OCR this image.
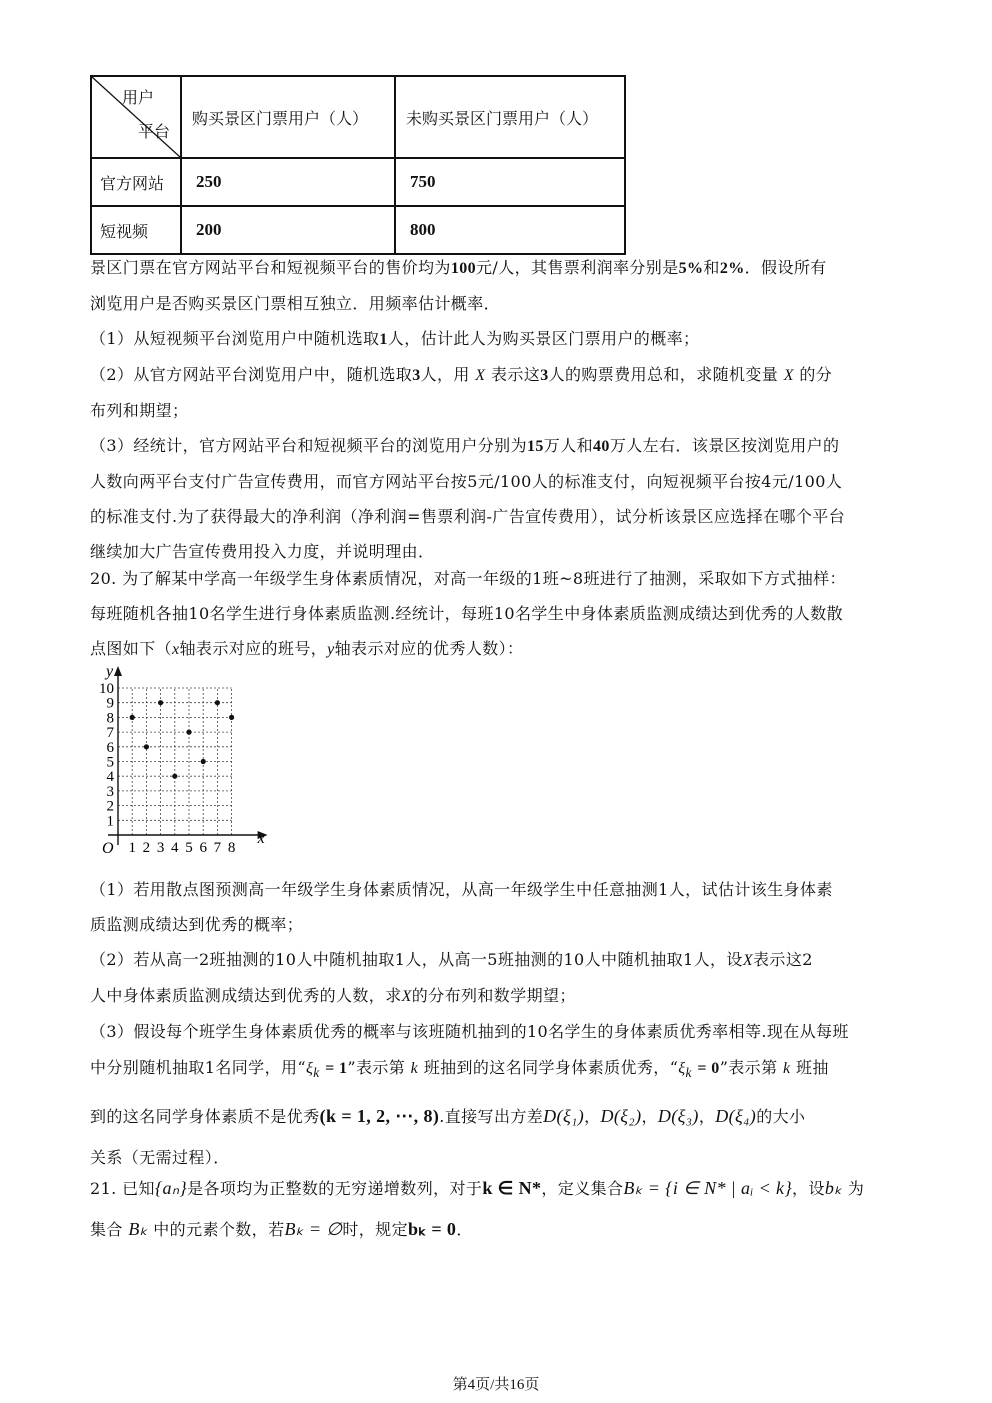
用户
平台	购买景区门票用户（人）	未购买景区门票用户（人）

官方网站	250	750

短视频	200	800

景区门票在官方网站平台和短视频平台的售价均为100元/人，其售票利润率分别是5%和2%．假设所有

浏览用户是否购买景区门票相互独立．用频率估计概率．

（1）从短视频平台浏览用户中随机选取1人，估计此人为购买景区门票用户的概率；

（2）从官方网站平台浏览用户中，随机选取3人，用 X 表示这3人的购票费用总和，求随机变量 X 的分

布列和期望；

（3）经统计，官方网站平台和短视频平台的浏览用户分别为15万人和40万人左右．该景区按浏览用户的

人数向两平台支付广告宣传费用，而官方网站平台按5元/100人的标准支付，向短视频平台按4元/100人

的标准支付.为了获得最大的净利润（净利润=售票利润-广告宣传费用），试分析该景区应选择在哪个平台

继续加大广告宣传费用投入力度，并说明理由．

20. 为了解某中学高一年级学生身体素质情况，对高一年级的1班~8班进行了抽测，采取如下方式抽样：

每班随机各抽10名学生进行身体素质监测.经统计，每班10名学生中身体素质监测成绩达到优秀的人数散

点图如下（x轴表示对应的班号，y轴表示对应的优秀人数）：

1 2 3 4 5 6 7 8
1
2
3
4
5
6
7
8
9
10
O
x
y

（1）若用散点图预测高一年级学生身体素质情况，从高一年级学生中任意抽测1人，试估计该生身体素

质监测成绩达到优秀的概率；

（2）若从高一2班抽测的10人中随机抽取1人，从高一5班抽测的10人中随机抽取1人，设X表示这2

人中身体素质监测成绩达到优秀的人数，求X的分布列和数学期望；

（3）假设每个班学生身体素质优秀的概率与该班随机抽到的10名学生的身体素质优秀率相等.现在从每班

中分别随机抽取1名同学，用“$\xi_k = 1$”表示第 k 班抽到的这名同学身体素质优秀，“$\xi_k = 0$”表示第 k 班抽

到的这名同学身体素质不是优秀(k = 1, 2, ⋯, 8).直接写出方差D(ξ₁)，D(ξ₂)，D(ξ₃)，D(ξ₄)的大小

关系（无需过程）．

21. 已知{aₙ}是各项均为正整数的无穷递增数列，对于k ∈ N*，定义集合Bₖ = {i ∈ N* | aᵢ < k}，设bₖ 为

集合 Bₖ 中的元素个数，若Bₖ = ∅时，规定bₖ = 0．

第4页/共16页
